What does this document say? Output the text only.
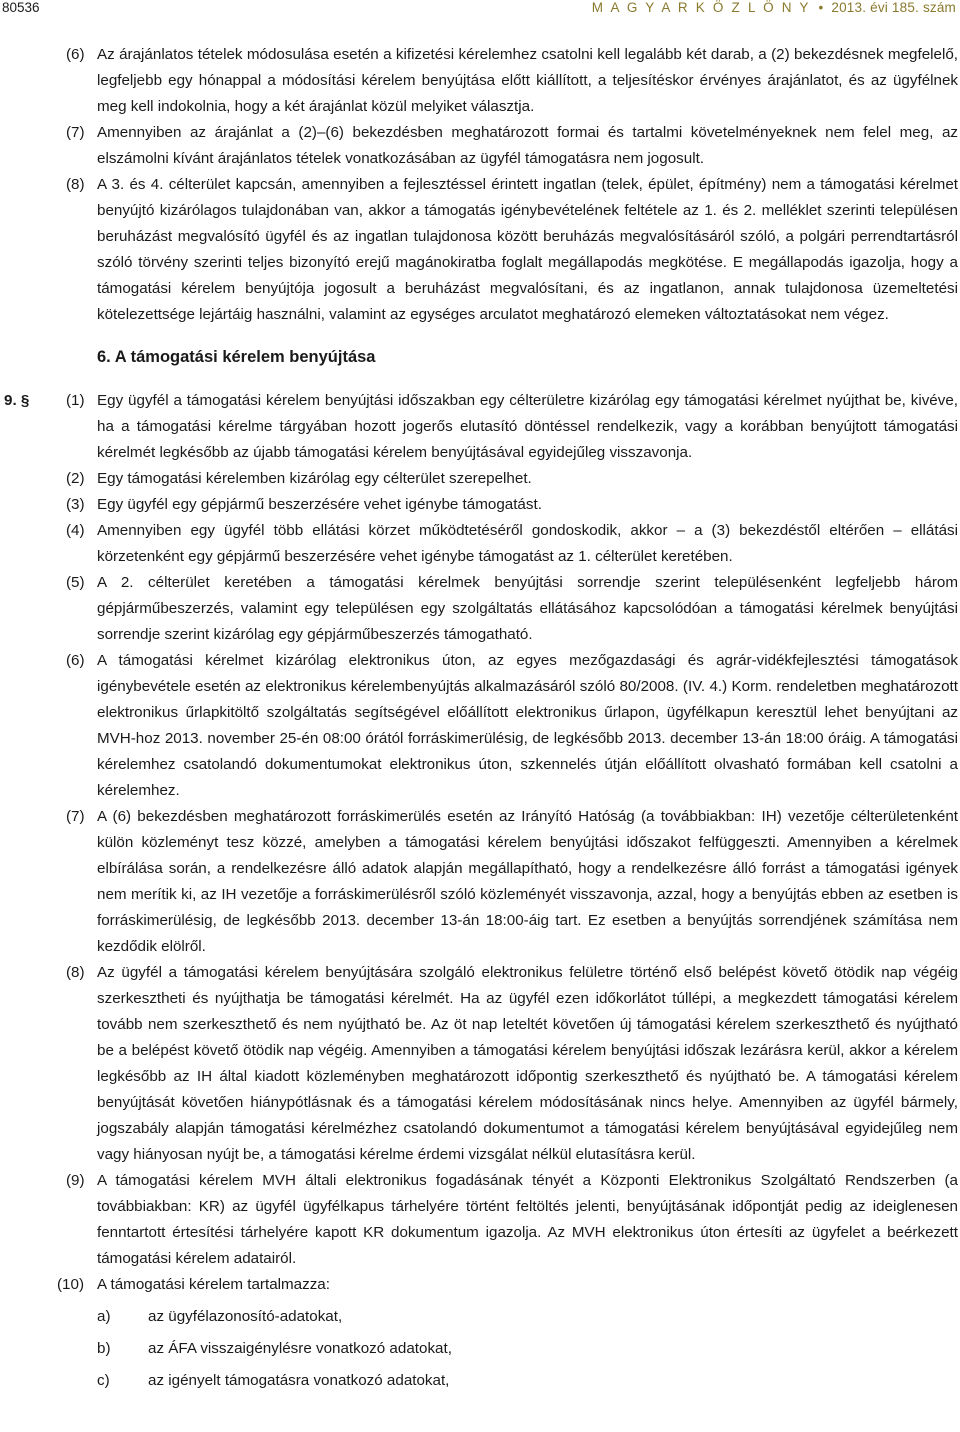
80536	M A G Y A R K Ö Z L Ö N Y • 2013. évi 185. szám
(6) Az árajánlatos tételek módosulása esetén a kifizetési kérelemhez csatolni kell legalább két darab, a (2) bekezdésnek megfelelő, legfeljebb egy hónappal a módosítási kérelem benyújtása előtt kiállított, a teljesítéskor érvényes árajánlatot, és az ügyfélnek meg kell indokolnia, hogy a két árajánlat közül melyiket választja.
(7) Amennyiben az árajánlat a (2)–(6) bekezdésben meghatározott formai és tartalmi követelményeknek nem felel meg, az elszámolni kívánt árajánlatos tételek vonatkozásában az ügyfél támogatásra nem jogosult.
(8) A 3. és 4. célterület kapcsán, amennyiben a fejlesztéssel érintett ingatlan (telek, épület, építmény) nem a támogatási kérelmet benyújtó kizárólagos tulajdonában van, akkor a támogatás igénybevételének feltétele az 1. és 2. melléklet szerinti településen beruházást megvalósító ügyfél és az ingatlan tulajdonosa között beruházás megvalósításáról szóló, a polgári perrendtartásról szóló törvény szerinti teljes bizonyító erejű magánokiratba foglalt megállapodás megkötése. E megállapodás igazolja, hogy a támogatási kérelem benyújtója jogosult a beruházást megvalósítani, és az ingatlanon, annak tulajdonosa üzemeltetési kötelezettsége lejártáig használni, valamint az egységes arculatot meghatározó elemeken változtatásokat nem végez.
6. A támogatási kérelem benyújtása
9. § (1) Egy ügyfél a támogatási kérelem benyújtási időszakban egy célterületre kizárólag egy támogatási kérelmet nyújthat be, kivéve, ha a támogatási kérelme tárgyában hozott jogerős elutasító döntéssel rendelkezik, vagy a korábban benyújtott támogatási kérelmét legkésőbb az újabb támogatási kérelem benyújtásával egyidejűleg visszavonja.
(2) Egy támogatási kérelemben kizárólag egy célterület szerepelhet.
(3) Egy ügyfél egy gépjármű beszerzésére vehet igénybe támogatást.
(4) Amennyiben egy ügyfél több ellátási körzet működtetéséről gondoskodik, akkor – a (3) bekezdéstől eltérően – ellátási körzetenként egy gépjármű beszerzésére vehet igénybe támogatást az 1. célterület keretében.
(5) A 2. célterület keretében a támogatási kérelmek benyújtási sorrendje szerint településenként legfeljebb három gépjárműbeszerzés, valamint egy településen egy szolgáltatás ellátásához kapcsolódóan a támogatási kérelmek benyújtási sorrendje szerint kizárólag egy gépjárműbeszerzés támogatható.
(6) A támogatási kérelmet kizárólag elektronikus úton, az egyes mezőgazdasági és agrár-vidékfejlesztési támogatások igénybevétele esetén az elektronikus kérelembenyújtás alkalmazásáról szóló 80/2008. (IV. 4.) Korm. rendeletben meghatározott elektronikus űrlapkitöltő szolgáltatás segítségével előállított elektronikus űrlapon, ügyfélkapun keresztül lehet benyújtani az MVH-hoz 2013. november 25-én 08:00 órától forráskimerülésig, de legkésőbb 2013. december 13-án 18:00 óráig. A támogatási kérelemhez csatolandó dokumentumokat elektronikus úton, szkennelés útján előállított olvasható formában kell csatolni a kérelemhez.
(7) A (6) bekezdésben meghatározott forráskimerülés esetén az Irányító Hatóság (a továbbiakban: IH) vezetője célterületenként külön közleményt tesz közzé, amelyben a támogatási kérelem benyújtási időszakot felfüggeszti. Amennyiben a kérelmek elbírálása során, a rendelkezésre álló adatok alapján megállapítható, hogy a rendelkezésre álló forrást a támogatási igények nem merítik ki, az IH vezetője a forráskimerülésről szóló közleményét visszavonja, azzal, hogy a benyújtás ebben az esetben is forráskimerülésig, de legkésőbb 2013. december 13-án 18:00-áig tart. Ez esetben a benyújtás sorrendjének számítása nem kezdődik elölről.
(8) Az ügyfél a támogatási kérelem benyújtására szolgáló elektronikus felületre történő első belépést követő ötödik nap végéig szerkesztheti és nyújthatja be támogatási kérelmét. Ha az ügyfél ezen időkorlátot túllépi, a megkezdett támogatási kérelem tovább nem szerkeszthető és nem nyújtható be. Az öt nap leteltét követően új támogatási kérelem szerkeszthető és nyújtható be a belépést követő ötödik nap végéig. Amennyiben a támogatási kérelem benyújtási időszak lezárásra kerül, akkor a kérelem legkésőbb az IH által kiadott közleményben meghatározott időpontig szerkeszthető és nyújtható be. A támogatási kérelem benyújtását követően hiánypótlásnak és a támogatási kérelem módosításának nincs helye. Amennyiben az ügyfél bármely, jogszabály alapján támogatási kérelmézhez csatolandó dokumentumot a támogatási kérelem benyújtásával egyidejűleg nem vagy hiányosan nyújt be, a támogatási kérelme érdemi vizsgálat nélkül elutasításra kerül.
(9) A támogatási kérelem MVH általi elektronikus fogadásának tényét a Központi Elektronikus Szolgáltató Rendszerben (a továbbiakban: KR) az ügyfél ügyfélkapus tárhelyére történt feltöltés jelenti, benyújtásának időpontját pedig az ideiglenesen fenntartott értesítési tárhelyére kapott KR dokumentum igazolja. Az MVH elektronikus úton értesíti az ügyfelet a beérkezett támogatási kérelem adatairól.
(10) A támogatási kérelem tartalmazza:
a) az ügyfélazonosító-adatokat,
b) az ÁFA visszaigénylésre vonatkozó adatokat,
c)	az igényelt támogatásra vonatkozó adatokat,
